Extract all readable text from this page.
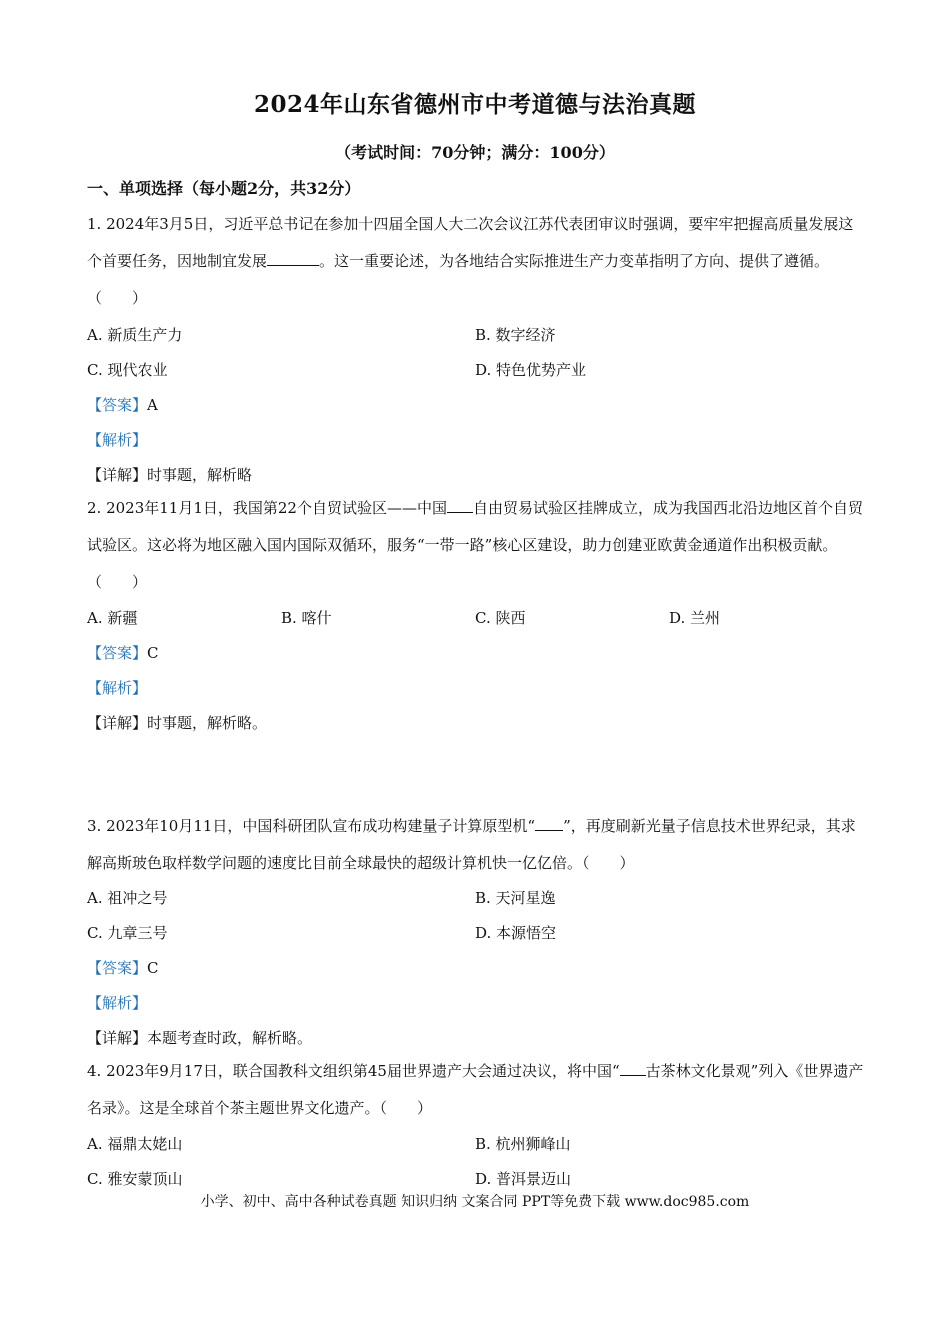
2024年山东省德州市中考道德与法治真题
（考试时间：70分钟；满分：100分）
一、单项选择（每小题2分，共32分）
1. 2024年3月5日，习近平总书记在参加十四届全国人大二次会议江苏代表团审议时强调，要牢牢把握高质量发展这个首要任务，因地制宜发展	。这一重要论述，为各地结合实际推进生产力变革指明了方向、提供了遵循。（　　）
A. 新质生产力	B. 数字经济
C. 现代农业	D. 特色优势产业
【答案】A
【解析】
【详解】时事题，解析略
2. 2023年11月1日，我国第22个自贸试验区——中国 自由贸易试验区挂牌成立，成为我国西北沿边地区首个自贸试验区。这必将为地区融入国内国际双循环，服务“一带一路”核心区建设，助力创建亚欧黄金通道作出积极贡献。（　　）
A. 新疆	B. 喀什	C. 陕西	D. 兰州
【答案】C
【解析】
【详解】时事题，解析略。
3. 2023年10月11日，中国科研团队宣布成功构建量子计算原型机“ ”，再度刷新光量子信息技术世界纪录，其求解高斯玻色取样数学问题的速度比目前全球最快的超级计算机快一亿亿倍。（　　）
A. 祖冲之号	B. 天河星逸
C. 九章三号	D. 本源悟空
【答案】C
【解析】
【详解】本题考查时政，解析略。
4. 2023年9月17日，联合国教科文组织第45届世界遗产大会通过决议，将中国“ 古茶林文化景观”列入《世界遗产名录》。这是全球首个茶主题世界文化遗产。（　　）
A. 福鼎太姥山	B. 杭州狮峰山
C. 雅安蒙顶山	D. 普洱景迈山
小学、初中、高中各种试卷真题 知识归纳 文案合同 PPT等免费下载 www.doc985.com
